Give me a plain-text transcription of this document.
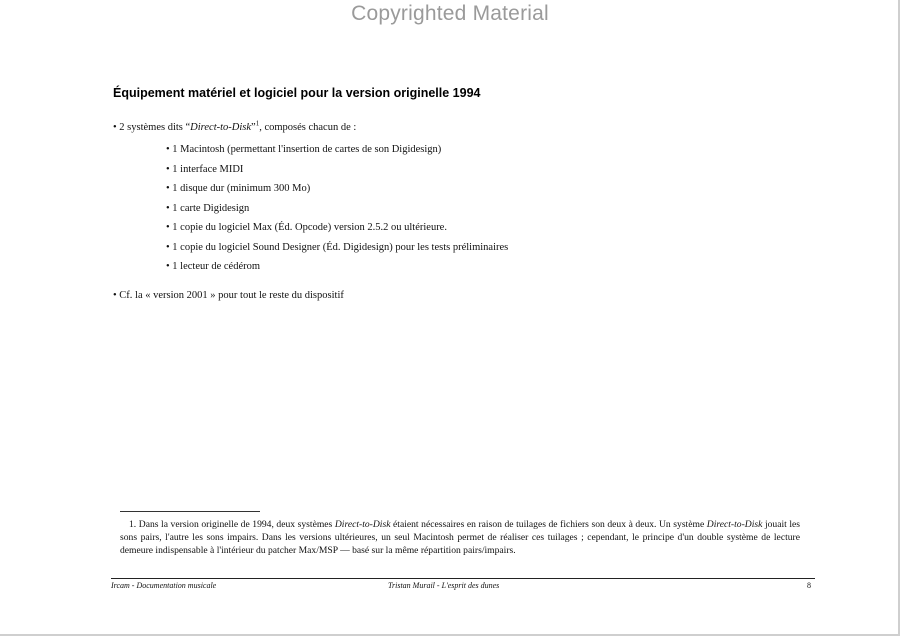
Copyrighted Material
Équipement matériel et logiciel pour la version originelle 1994
• 2 systèmes dits “Direct-to-Disk”$^1$, composés chacun de :
• 1 Macintosh (permettant l'insertion de cartes de son Digidesign)
• 1 interface MIDI
• 1 disque dur (minimum 300 Mo)
• 1 carte Digidesign
• 1 copie du logiciel Max (Éd. Opcode) version 2.5.2 ou ultérieure.
• 1 copie du logiciel Sound Designer (Éd. Digidesign) pour les tests préliminaires
• 1 lecteur de cédérom
• Cf. la « version 2001 » pour tout le reste du dispositif
1. Dans la version originelle de 1994, deux systèmes Direct-to-Disk étaient nécessaires en raison de tuilages de fichiers son deux à deux. Un système Direct-to-Disk jouait les sons pairs, l'autre les sons impairs. Dans les versions ultérieures, un seul Macintosh permet de réaliser ces tuilages ; cependant, le principe d'un double système de lecture demeure indispensable à l'intérieur du patcher Max/MSP — basé sur la même répartition pairs/impairs.
Ircam - Documentation musicale	Tristan Murail - L'esprit des dunes	8
